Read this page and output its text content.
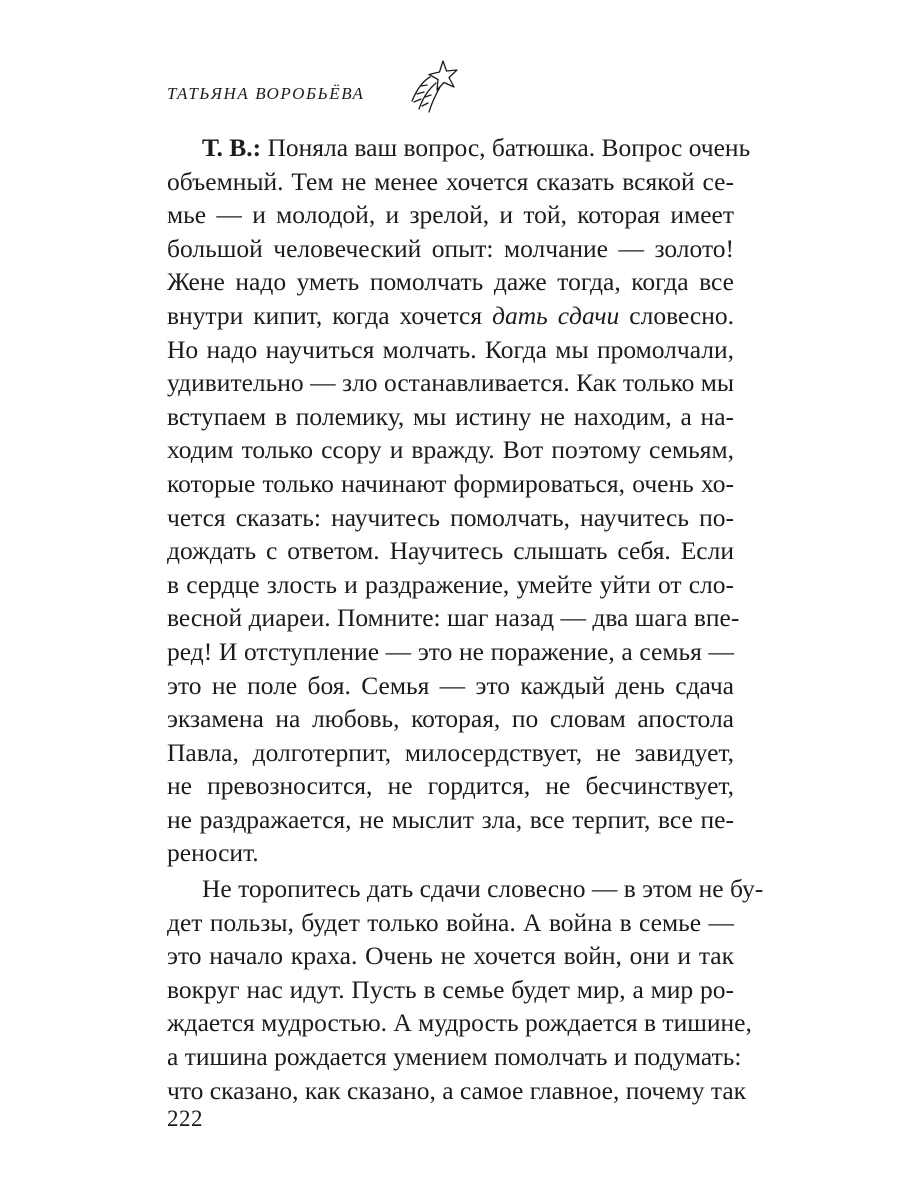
ТАТЬЯНА ВОРОБЬЁВА

Т. В.: Поняла ваш вопрос, батюшка. Вопрос очень
объемный. Тем не менее хочется сказать всякой се-
мье — и молодой, и зрелой, и той, которая имеет
большой человеческий опыт: молчание — золото!
Жене надо уметь помолчать даже тогда, когда все
внутри кипит, когда хочется дать сдачи словесно.
Но надо научиться молчать. Когда мы промолчали,
удивительно — зло останавливается. Как только мы
вступаем в полемику, мы истину не находим, а на-
ходим только ссору и вражду. Вот поэтому семьям,
которые только начинают формироваться, очень хо-
чется сказать: научитесь помолчать, научитесь по-
дождать с ответом. Научитесь слышать себя. Если
в сердце злость и раздражение, умейте уйти от сло-
весной диареи. Помните: шаг назад — два шага впе-
ред! И отступление — это не поражение, а семья —
это не поле боя. Семья — это каждый день сдача
экзамена на любовь, которая, по словам апостола
Павла, долготерпит, милосердствует, не завидует,
не превозносится, не гордится, не бесчинствует,
не раздражается, не мыслит зла, все терпит, все пе-
реносит.

Не торопитесь дать сдачи словесно — в этом не бу-
дет пользы, будет только война. А война в семье —
это начало краха. Очень не хочется войн, они и так
вокруг нас идут. Пусть в семье будет мир, а мир ро-
ждается мудростью. А мудрость рождается в тишине,
а тишина рождается умением помолчать и подумать:
что сказано, как сказано, а самое главное, почему так

222
